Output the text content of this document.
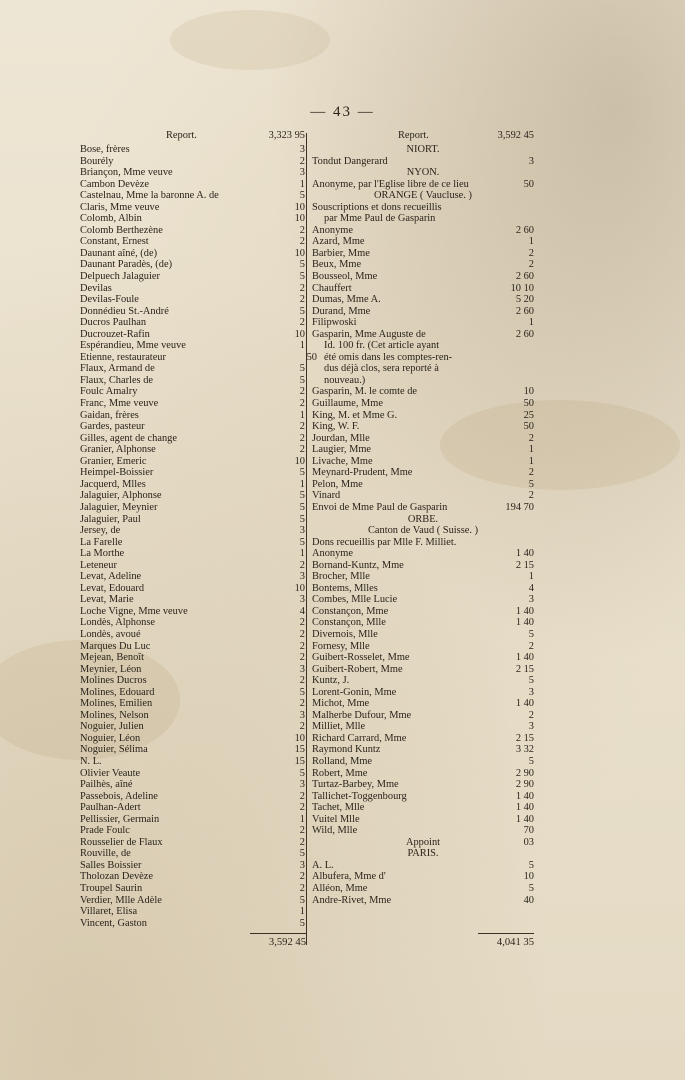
— 43 —
Report.	3,323 95
Bose, frères	3
Bourély	2
Briançon, Mme veuve	3
Cambon Devèze	1
Castelnau, Mme la baronne A. de	5
Claris, Mme veuve	10
Colomb, Albin	10
Colomb Berthezène	2
Constant, Ernest	2
Daunant aîné, (de)	10
Daunant Paradès, (de)	5
Delpuech Jalaguier	5
Devilas	2
Devilas-Foule	2
Donnédieu St.-André	5
Ducros Paulhan	2
Ducrouzet-Rafin	10
Espérandieu, Mme veuve	1
Etienne, restaurateur	50
Flaux, Armand de	5
Flaux, Charles de	5
Foulc Amalry	2
Franc, Mme veuve	2
Gaidan, frères	1
Gardes, pasteur	2
Gilles, agent de change	2
Granier, Alphonse	2
Granier, Emeric	10
Heimpel-Boissier	5
Jacquerd, Mlles	1
Jalaguier, Alphonse	5
Jalaguier, Meynier	5
Jalaguier, Paul	5
Jersey, de	3
La Farelle	5
La Morthe	1
Leteneur	2
Levat, Adeline	3
Levat, Edouard	10
Levat, Marie	3
Loche Vigne, Mme veuve	4
Londès, Alphonse	2
Londès, avoué	2
Marques Du Luc	2
Mejean, Benoît	2
Meynier, Léon	3
Molines Ducros	2
Molines, Edouard	5
Molines, Emilien	2
Molines, Nelson	3
Noguier, Julien	2
Noguier, Léon	10
Noguier, Sélima	15
N. L.	15
Olivier Veaute	5
Pailhès, aîné	3
Passebois, Adeline	2
Paulhan-Adert	2
Pellissier, Germain	1
Prade Foulc	2
Rousselier de Flaux	2
Rouville, de	5
Salles Boissier	3
Tholozan Devèze	2
Troupel Saurin	2
Verdier, Mlle Adèle	5
Villaret, Elisa	1
Vincent, Gaston	5
Report.	3,592 45
NIORT.
Tondut Dangerard	3
NYON.
Anonyme, par l'Eglise libre de ce lieu	50
ORANGE ( Vaucluse. )
Souscriptions et dons recueillis
par Mme Paul de Gasparin
Anonyme	2 60
Azard, Mme	1
Barbier, Mme	2
Beux, Mme	2
Bousseol, Mme	2 60
Chauffert	10 10
Dumas, Mme A.	5 20
Durand, Mme	2 60
Filipwoski	1
Gasparin, Mme Auguste de	2 60
Id. 100 fr. (Cet article ayant
été omis dans les comptes-ren-
dus déjà clos, sera reporté à
nouveau.)
Gasparin, M. le comte de	10
Guillaume, Mme	50
King, M. et Mme G.	25
King, W. F.	50
Jourdan, Mlle	2
Laugier, Mme	1
Livache, Mme	1
Meynard-Prudent, Mme	2
Pelon, Mme	5
Vinard	2
Envoi de Mme Paul de Gasparin	194 70
ORBE.
Canton de Vaud ( Suisse. )
Dons recueillis par Mlle F. Milliet.
Anonyme	1 40
Bornand-Kuntz, Mme	2 15
Brocher, Mlle	1
Bontems, Mlles	4
Combes, Mlle Lucie	3
Constançon, Mme	1 40
Constançon, Mlle	1 40
Divernois, Mlle	5
Fornesy, Mlle	2
Guibert-Rosselet, Mme	1 40
Guibert-Robert, Mme	2 15
Kuntz, J.	5
Lorent-Gonin, Mme	3
Michot, Mme	1 40
Malherbe Dufour, Mme	2
Milliet, Mlle	3
Richard Carrard, Mme	2 15
Raymond Kuntz	3 32
Rolland, Mme	5
Robert, Mme	2 90
Turtaz-Barbey, Mme	2 90
Tallichet-Toggenbourg	1 40
Tachet, Mlle	1 40
Vuitel Mlle	1 40
Wild, Mlle	70
Appoint	03
PARIS.
A. L.	5
Albufera, Mme d'	10
Alléon, Mme	5
Andre-Rivet, Mme	40
3,592 45	4,041 35
